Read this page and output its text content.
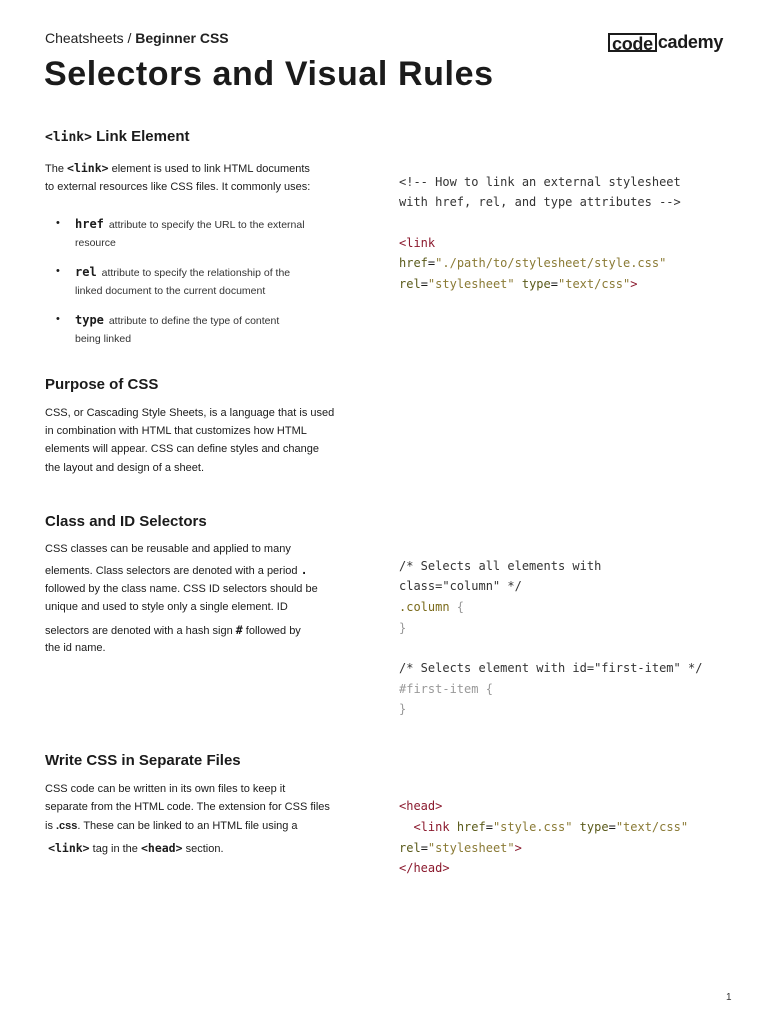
Cheatsheets / Beginner CSS	code cademy
Selectors and Visual Rules
<link> Link Element
The <link> element is used to link HTML documents
to external resources like CSS files. It commonly uses:
• href attribute to specify the URL to the external
resource
• rel attribute to specify the relationship of the
linked document to the current document
• type attribute to define the type of content
being linked
<!-- How to link an external stylesheet
with href, rel, and type attributes -->
<link
href="./path/to/stylesheet/style.css"
rel="stylesheet" type="text/css">
Purpose of CSS
CSS, or Cascading Style Sheets, is a language that is used
in combination with HTML that customizes how HTML
elements will appear. CSS can define styles and change
the layout and design of a sheet.
Class and ID Selectors
CSS classes can be reusable and applied to many
elements. Class selectors are denoted with a period .
followed by the class name. CSS ID selectors should be
unique and used to style only a single element. ID
selectors are denoted with a hash sign # followed by
the id name.
/* Selects all elements with
class="column" */
.column {
}
/* Selects element with id="first-item" */
#first-item {
}
Write CSS in Separate Files
CSS code can be written in its own files to keep it
separate from the HTML code. The extension for CSS files
is .css. These can be linked to an HTML file using a
<link> tag in the <head> section.
<head>
<link href="style.css" type="text/css"
rel="stylesheet">
</head>
1
